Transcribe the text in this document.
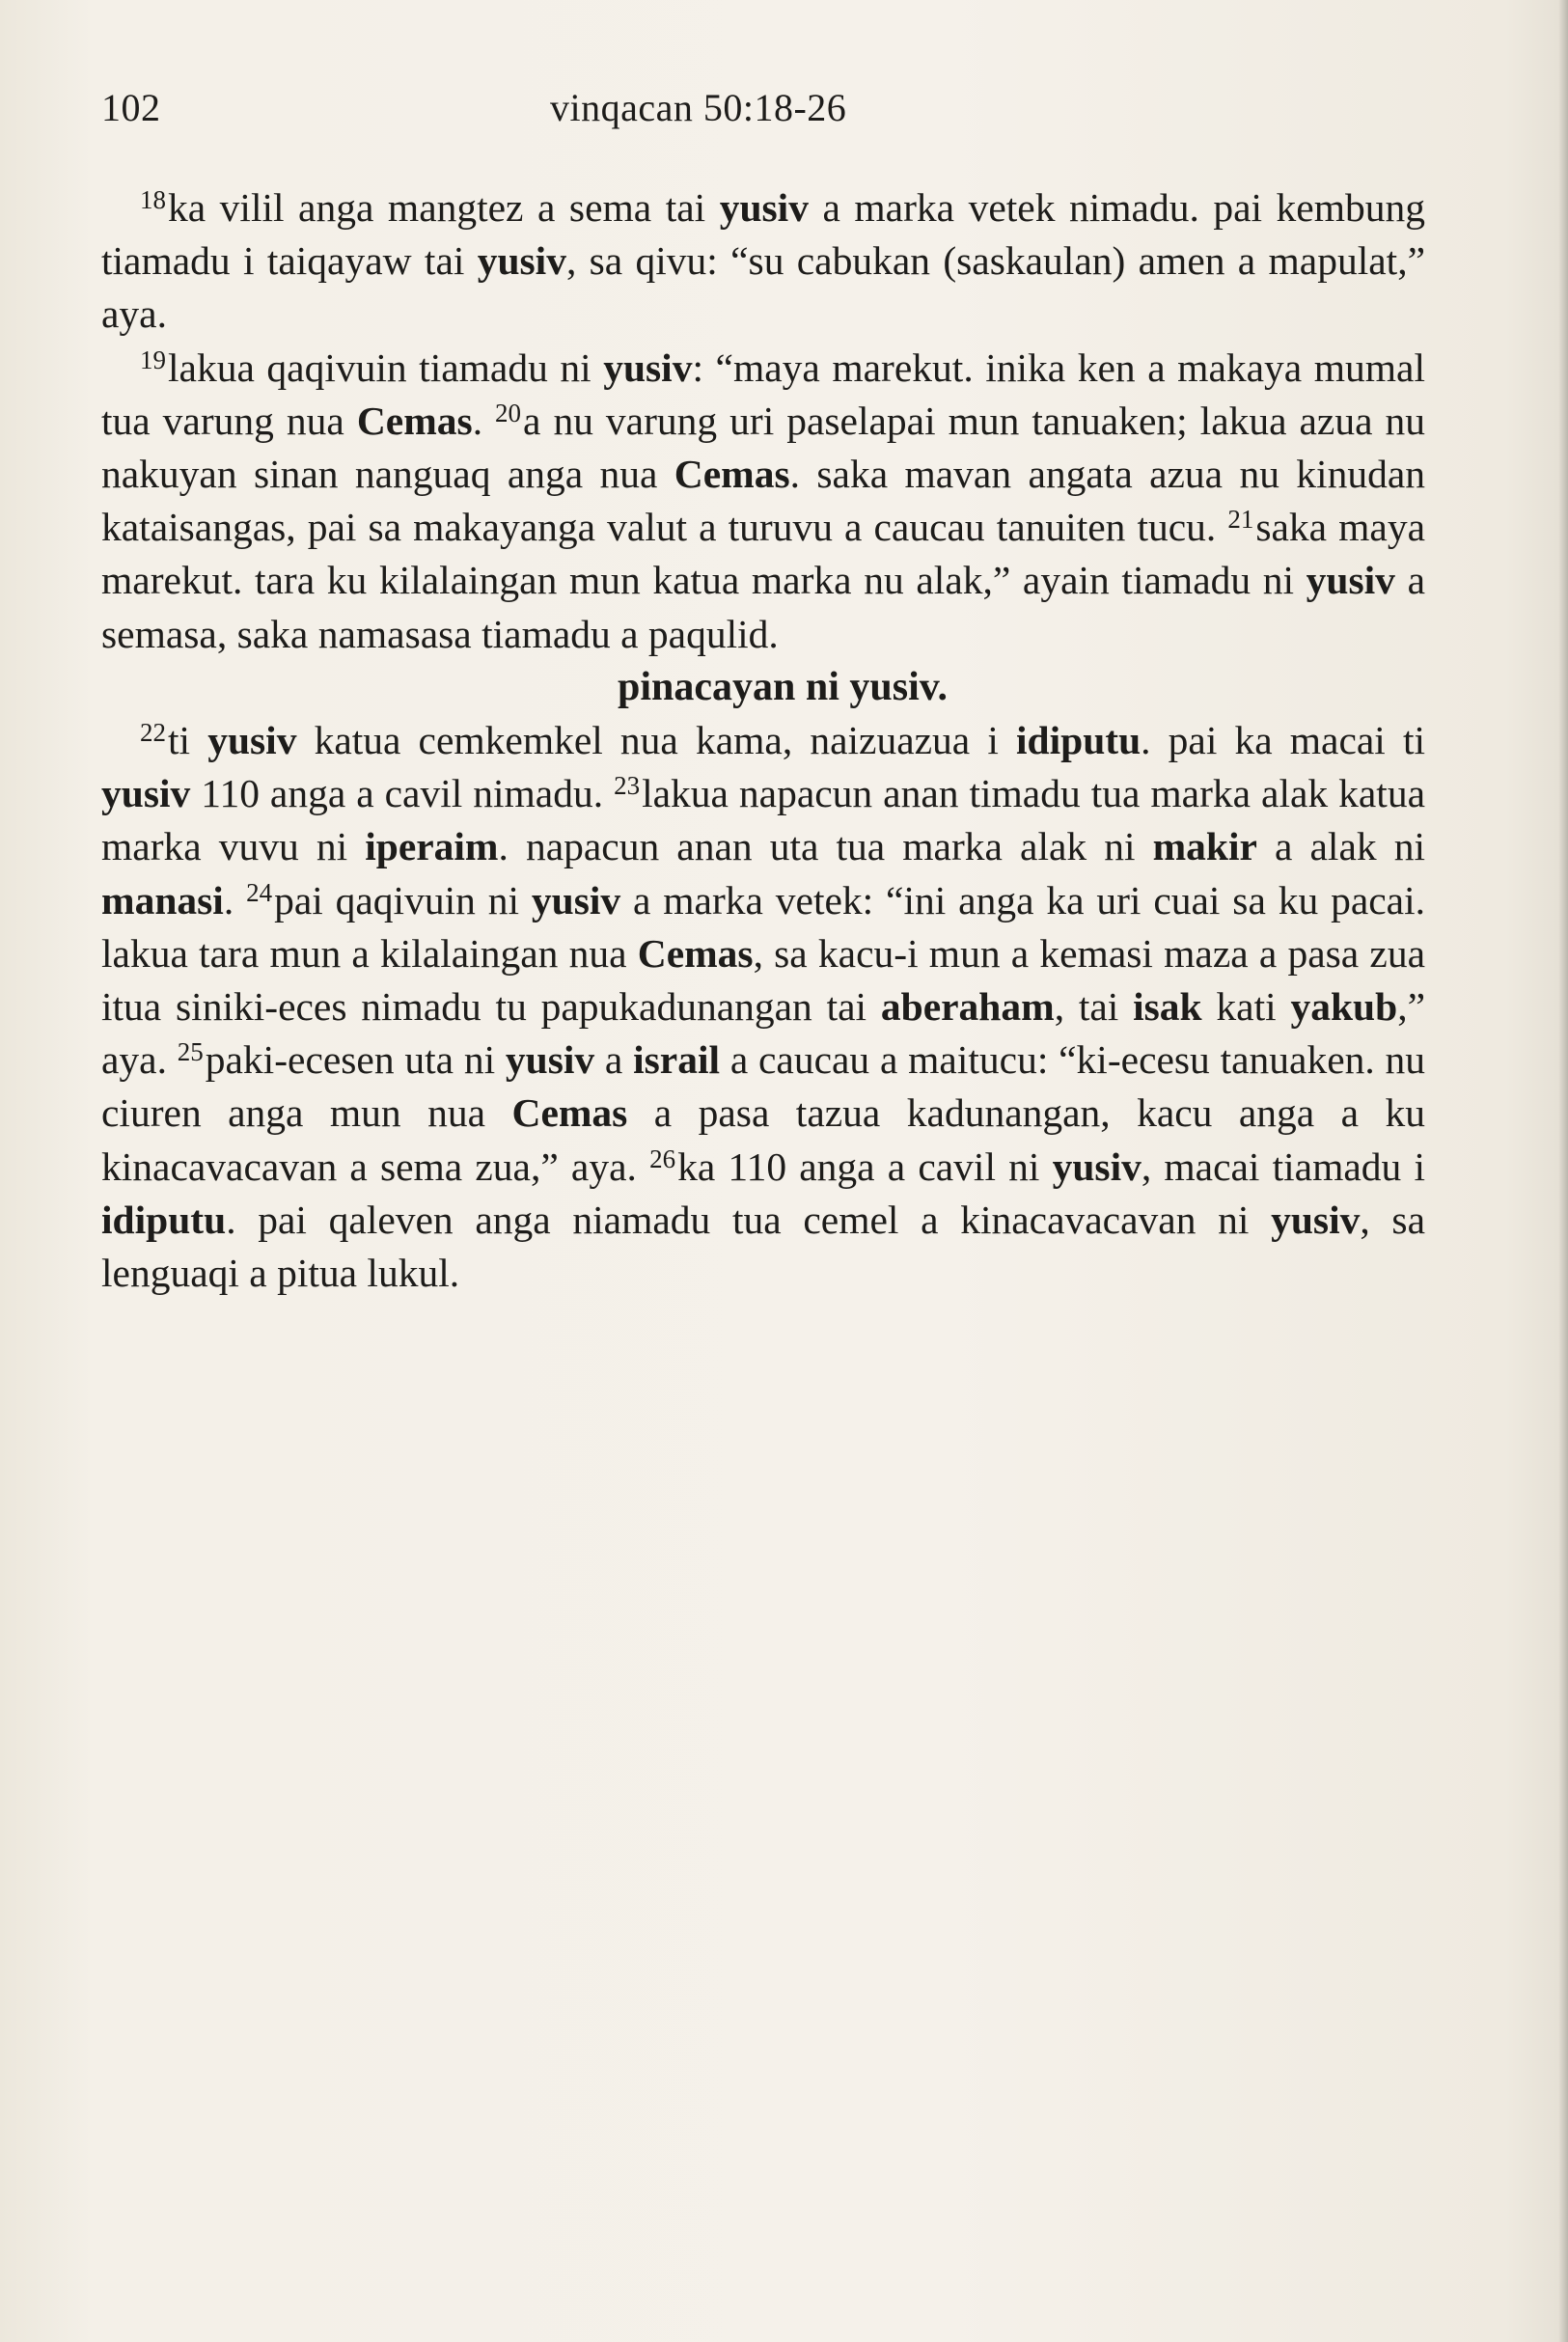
102	vinqacan 50:18-26

$^{18}$ka vilil anga mangtez a sema tai yusiv a marka vetek nimadu. pai kembung tiamadu i taiqayaw tai yusiv, sa qivu: “su cabukan (saskaulan) amen a mapulat,” aya.
$^{19}$lakua qaqivuin tiamadu ni yusiv: “maya marekut. inika ken a makaya mumal tua varung nua Cemas. $^{20}$a nu varung uri paselapai mun tanuaken; lakua azua nu nakuyan sinan nanguaq anga nua Cemas. saka mavan angata azua nu kinudan kataisangas, pai sa makayanga valut a turuvu a caucau tanuiten tucu. $^{21}$saka maya marekut. tara ku kilalaingan mun katua marka nu alak,” ayain tiamadu ni yusiv a semasa, saka namasasa tiamadu a paqulid.

pinacayan ni yusiv.

$^{22}$ti yusiv katua cemkemkel nua kama, naizuazua i idiputu. pai ka macai ti yusiv 110 anga a cavil nimadu. $^{23}$lakua napacun anan timadu tua marka alak katua marka vuvu ni iperaim. napacun anan uta tua marka alak ni makir a alak ni manasi. $^{24}$pai qaqivuin ni yusiv a marka vetek: “ini anga ka uri cuai sa ku pacai. lakua tara mun a kilalaingan nua Cemas, sa kacu-i mun a kemasi maza a pasa zua itua siniki-eces nimadu tu papukadunangan tai aberaham, tai isak kati yakub,” aya. $^{25}$paki-ecesen uta ni yusiv a israil a caucau a maitucu: “ki-ecesu tanuaken. nu ciuren anga mun nua Cemas a pasa tazua kadunangan, kacu anga a ku kinacavacavan a sema zua,” aya. $^{26}$ka 110 anga a cavil ni yusiv, macai tiamadu i idiputu. pai qaleven anga niamadu tua cemel a kinacavacavan ni yusiv, sa lenguaqi a pitua lukul.
